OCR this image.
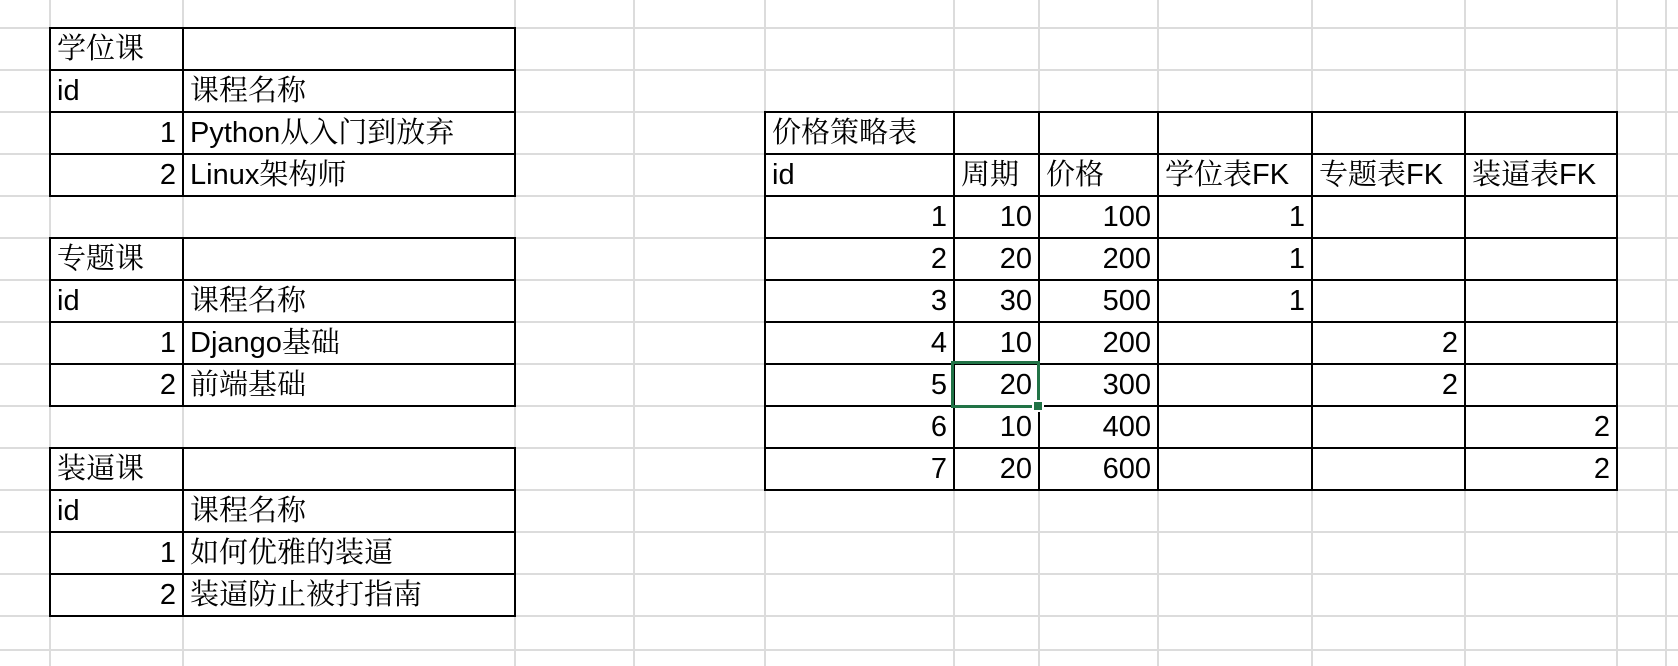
学位课	
id	课程名称
1	Python从入门到放弃
2	Linux架构师
专题课	
id	课程名称
1	Django基础
2	前端基础
装逼课	
id	课程名称
1	如何优雅的装逼
2	装逼防止被打指南
价格策略表					
id	周期	价格	学位表FK	专题表FK	装逼表FK
1	10	100	1		
2	20	200	1		
3	30	500	1		
4	10	200		2	
5	20	300		2	
6	10	400			2
7	20	600			2
